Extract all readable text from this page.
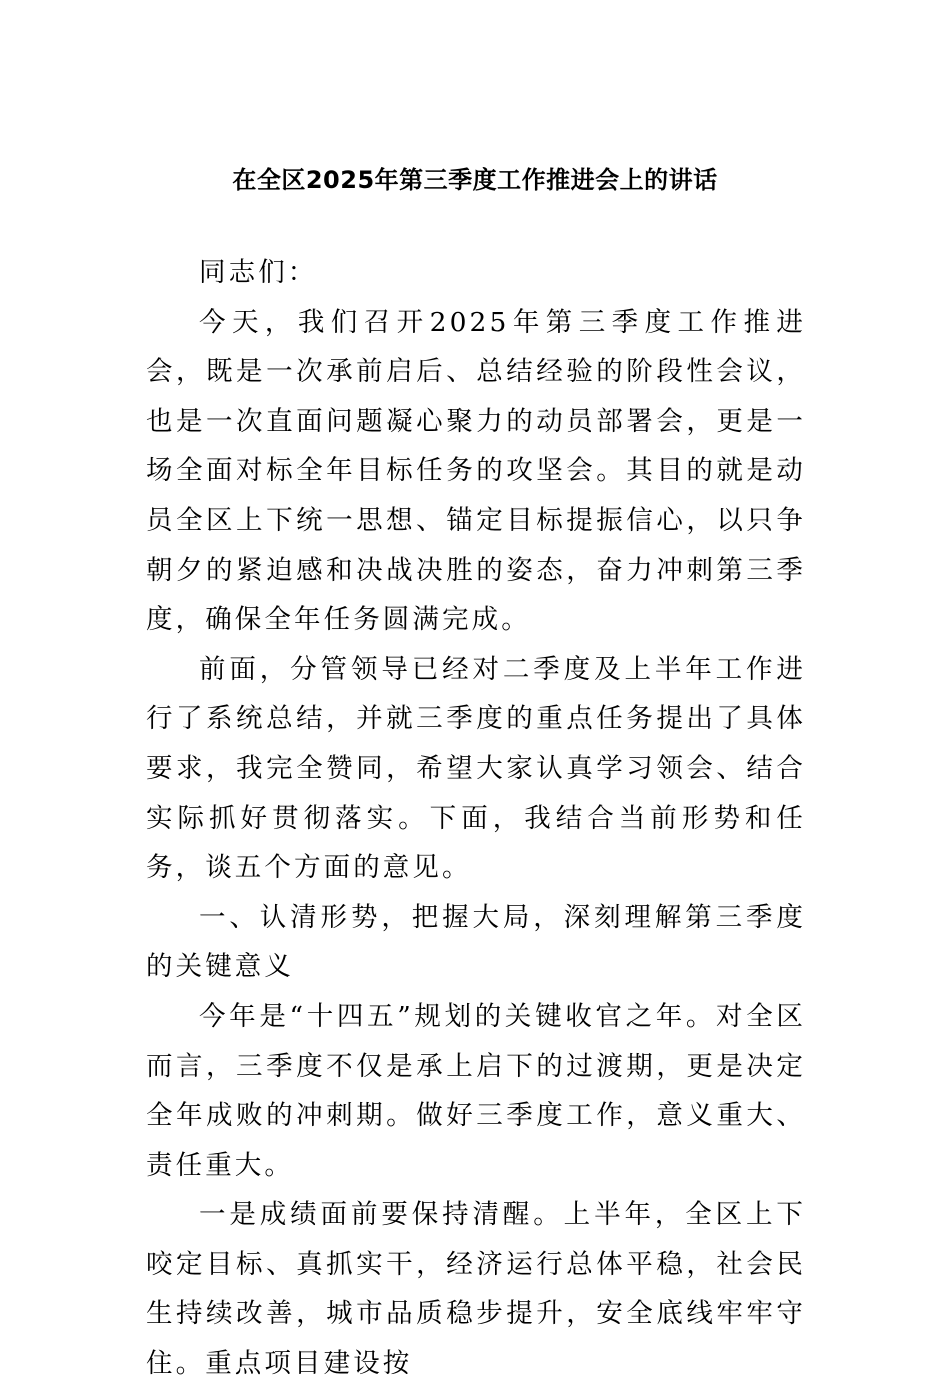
在全区2025年第三季度工作推进会上的讲话

同志们：

今天，我们召开2025年第三季度工作推进会，既是一次承前启后、总结经验的阶段性会议，也是一次直面问题凝心聚力的动员部署会，更是一场全面对标全年目标任务的攻坚会。其目的就是动员全区上下统一思想、锚定目标提振信心，以只争朝夕的紧迫感和决战决胜的姿态，奋力冲刺第三季度，确保全年任务圆满完成。

前面，分管领导已经对二季度及上半年工作进行了系统总结，并就三季度的重点任务提出了具体要求，我完全赞同，希望大家认真学习领会、结合实际抓好贯彻落实。下面，我结合当前形势和任务，谈五个方面的意见。

一、认清形势，把握大局，深刻理解第三季度的关键意义

今年是“十四五”规划的关键收官之年。对全区而言，三季度不仅是承上启下的过渡期，更是决定全年成败的冲刺期。做好三季度工作，意义重大、责任重大。

一是成绩面前要保持清醒。上半年，全区上下咬定目标、真抓实干，经济运行总体平稳，社会民生持续改善，城市品质稳步提升，安全底线牢牢守住。重点项目建设按
